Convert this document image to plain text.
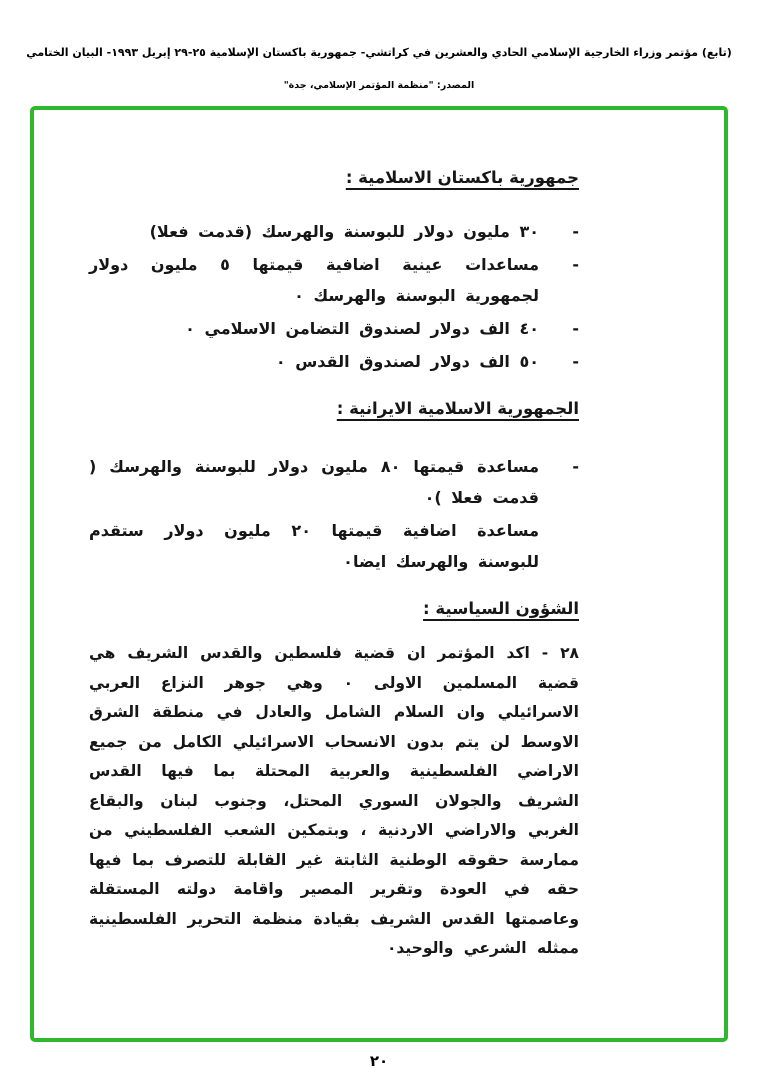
(تابع) مؤتمر وزراء الخارجية الإسلامي الحادي والعشرين في كراتشي- جمهورية باكستان الإسلامية ٢٥-٢٩ إبريل ١٩٩٣- البيان الختامي
المصدر: "منظمة المؤتمر الإسلامي، جدة"
جمهورية باكستان الاسلامية :
-
٣٠ مليون دولار للبوسنة والهرسك (قدمت فعلا)
-
مساعدات عينية اضافية قيمتها ٥ مليون دولار لجمهورية البوسنة والهرسك ٠
-
٤٠ الف دولار لصندوق التضامن الاسلامي ٠
-
٥٠ الف دولار لصندوق القدس ٠
الجمهورية الاسلامية الايرانية :
-
مساعدة قيمتها ٨٠ مليون دولار للبوسنة والهرسك ( قدمت فعلا )٠
مساعدة اضافية قيمتها ٢٠ مليون دولار ستقدم للبوسنة والهرسك ايضا٠
الشؤون السياسية :

٢٨ - اكد المؤتمر ان قضية فلسطين والقدس الشريف هي قضية المسلمين الاولى ٠ وهي جوهر النزاع العربي الاسرائيلي وان السلام الشامل والعادل في منطقة الشرق الاوسط لن يتم بدون الانسحاب الاسرائيلي الكامل من جميع الاراضي الفلسطينية والعربية المحتلة بما فيها القدس الشريف والجولان السوري المحتل، وجنوب لبنان والبقاع الغربي والاراضي الاردنية ، وبتمكين الشعب الفلسطيني من ممارسة حقوقه الوطنية الثابتة غير القابلة للتصرف بما فيها حقه في العودة وتقرير المصير واقامة دولته المستقلة وعاصمتها القدس الشريف بقيادة منظمة التحرير الفلسطينية ممثله الشرعي والوحيد٠

٢٠
